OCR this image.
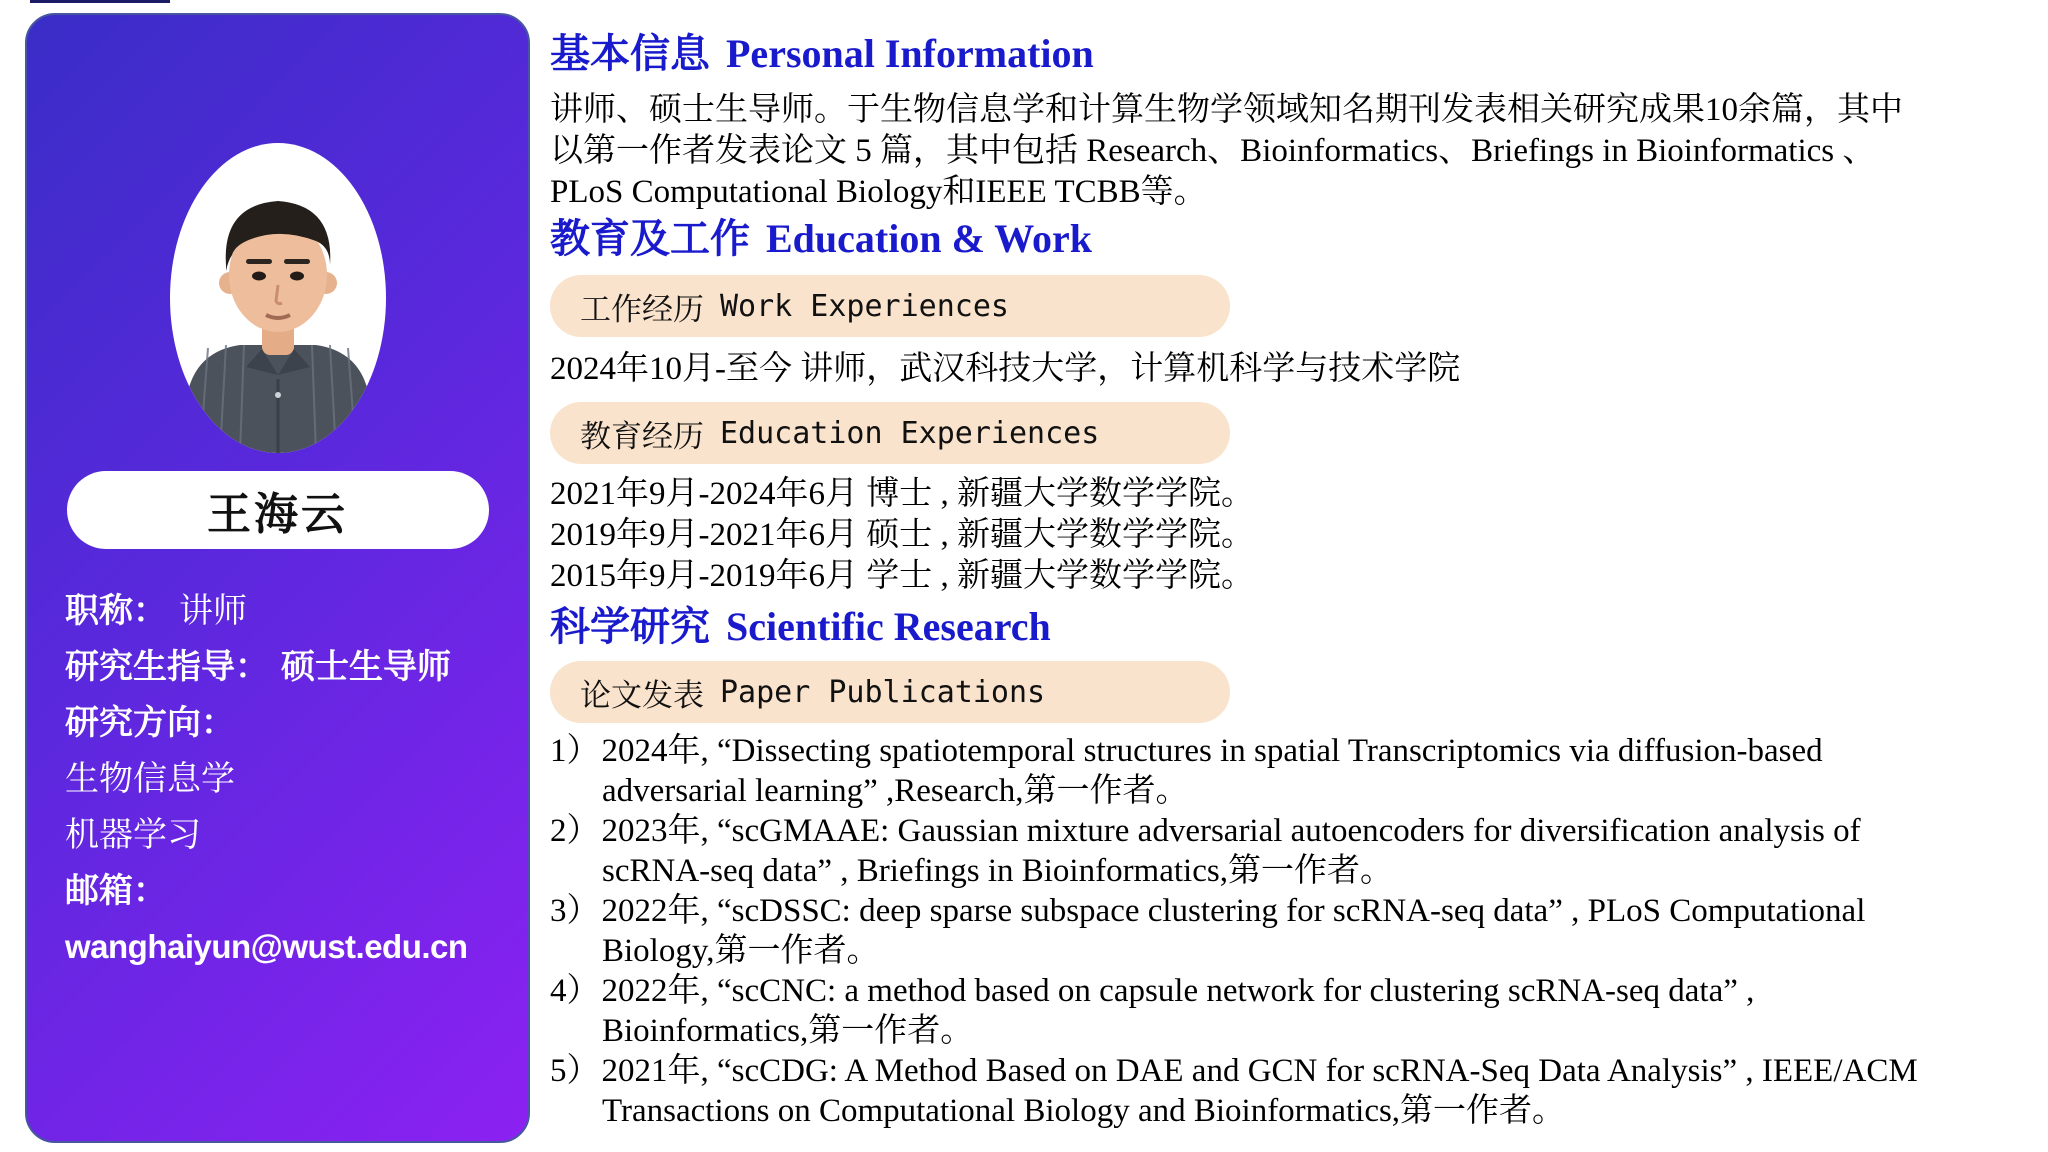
王海云
职称： 讲师
研究生指导： 硕士生导师
研究方向：
生物信息学
机器学习
邮箱：
wanghaiyun@wust.edu.cn
基本信息 Personal Information

讲师、硕士生导师。于生物信息学和计算生物学领域知名期刊发表相关研究成果10余篇，其中

以第一作者发表论文 5 篇，其中包括 Research、Bioinformatics、Briefings in Bioinformatics 、

PLoS Computational Biology和IEEE TCBB等。

教育及工作 Education & Work
工作经历 Work Experiences

2024年10月-至今 讲师，武汉科技大学，计算机科学与技术学院

教育经历 Education Experiences

2021年9月-2024年6月 博士 , 新疆大学数学学院。

2019年9月-2021年6月 硕士 , 新疆大学数学学院。

2015年9月-2019年6月 学士 , 新疆大学数学学院。

科学研究 Scientific Research
论文发表 Paper Publications
1）2024年, “Dissecting spatiotemporal structures in spatial Transcriptomics via diffusion-based
adversarial learning” ,Research,第一作者。
2）2023年, “scGMAAE: Gaussian mixture adversarial autoencoders for diversification analysis of
scRNA-seq data” , Briefings in Bioinformatics,第一作者。
3）2022年, “scDSSC: deep sparse subspace clustering for scRNA-seq data” , PLoS Computational
Biology,第一作者。
4）2022年, “scCNC: a method based on capsule network for clustering scRNA-seq data” ,
Bioinformatics,第一作者。
5）2021年, “scCDG: A Method Based on DAE and GCN for scRNA-Seq Data Analysis” , IEEE/ACM
Transactions on Computational Biology and Bioinformatics,第一作者。
